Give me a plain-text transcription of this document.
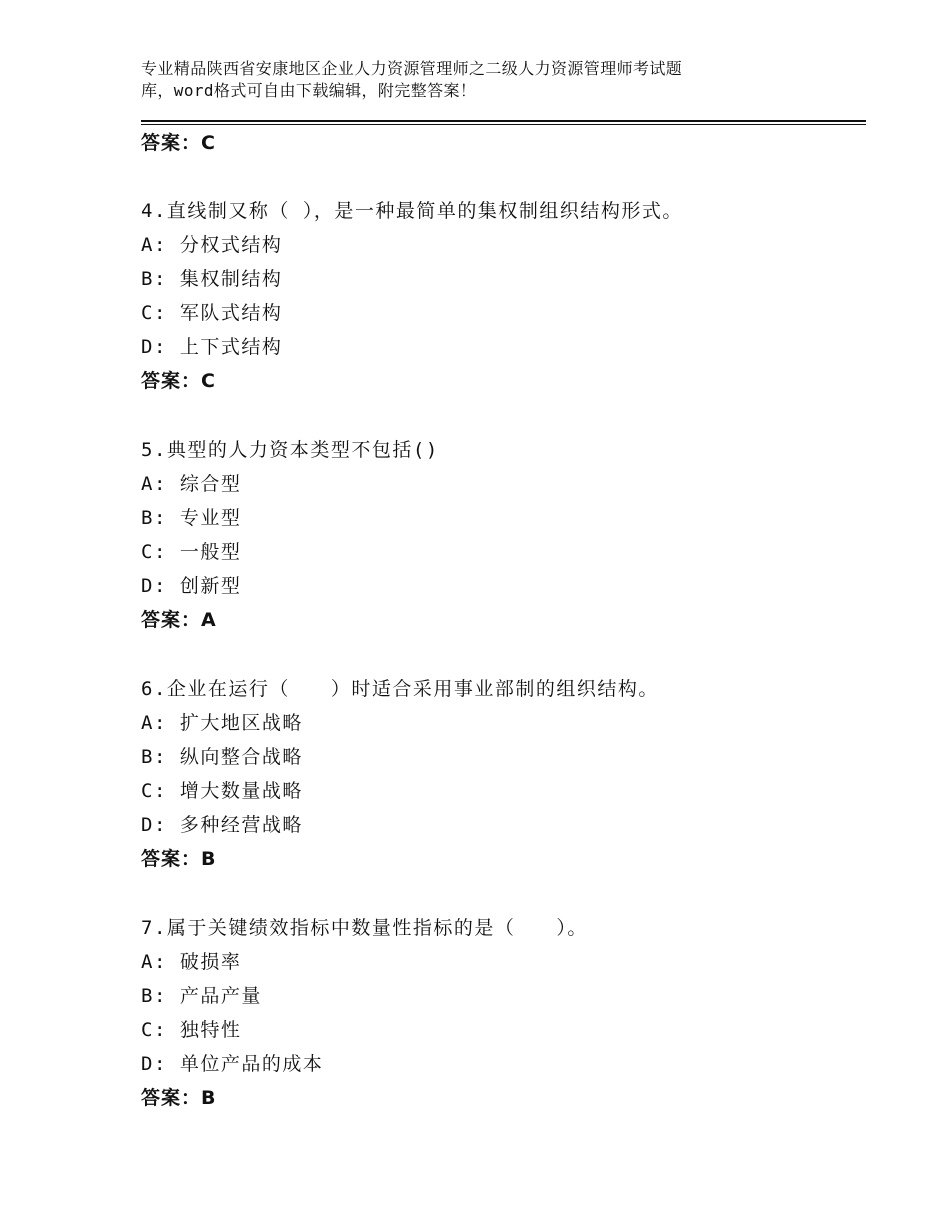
专业精品陕西省安康地区企业人力资源管理师之二级人力资源管理师考试题
库，word格式可自由下载编辑，附完整答案！
答案：C
4.直线制又称（ ），是一种最简单的集权制组织结构形式。
A: 分权式结构
B: 集权制结构
C: 军队式结构
D: 上下式结构
答案：C
5.典型的人力资本类型不包括()
A: 综合型
B: 专业型
C: 一般型
D: 创新型
答案：A
6.企业在运行（　　）时适合采用事业部制的组织结构。
A: 扩大地区战略
B: 纵向整合战略
C: 增大数量战略
D: 多种经营战略
答案：B
7.属于关键绩效指标中数量性指标的是（　　）。
A: 破损率
B: 产品产量
C: 独特性
D: 单位产品的成本
答案：B
